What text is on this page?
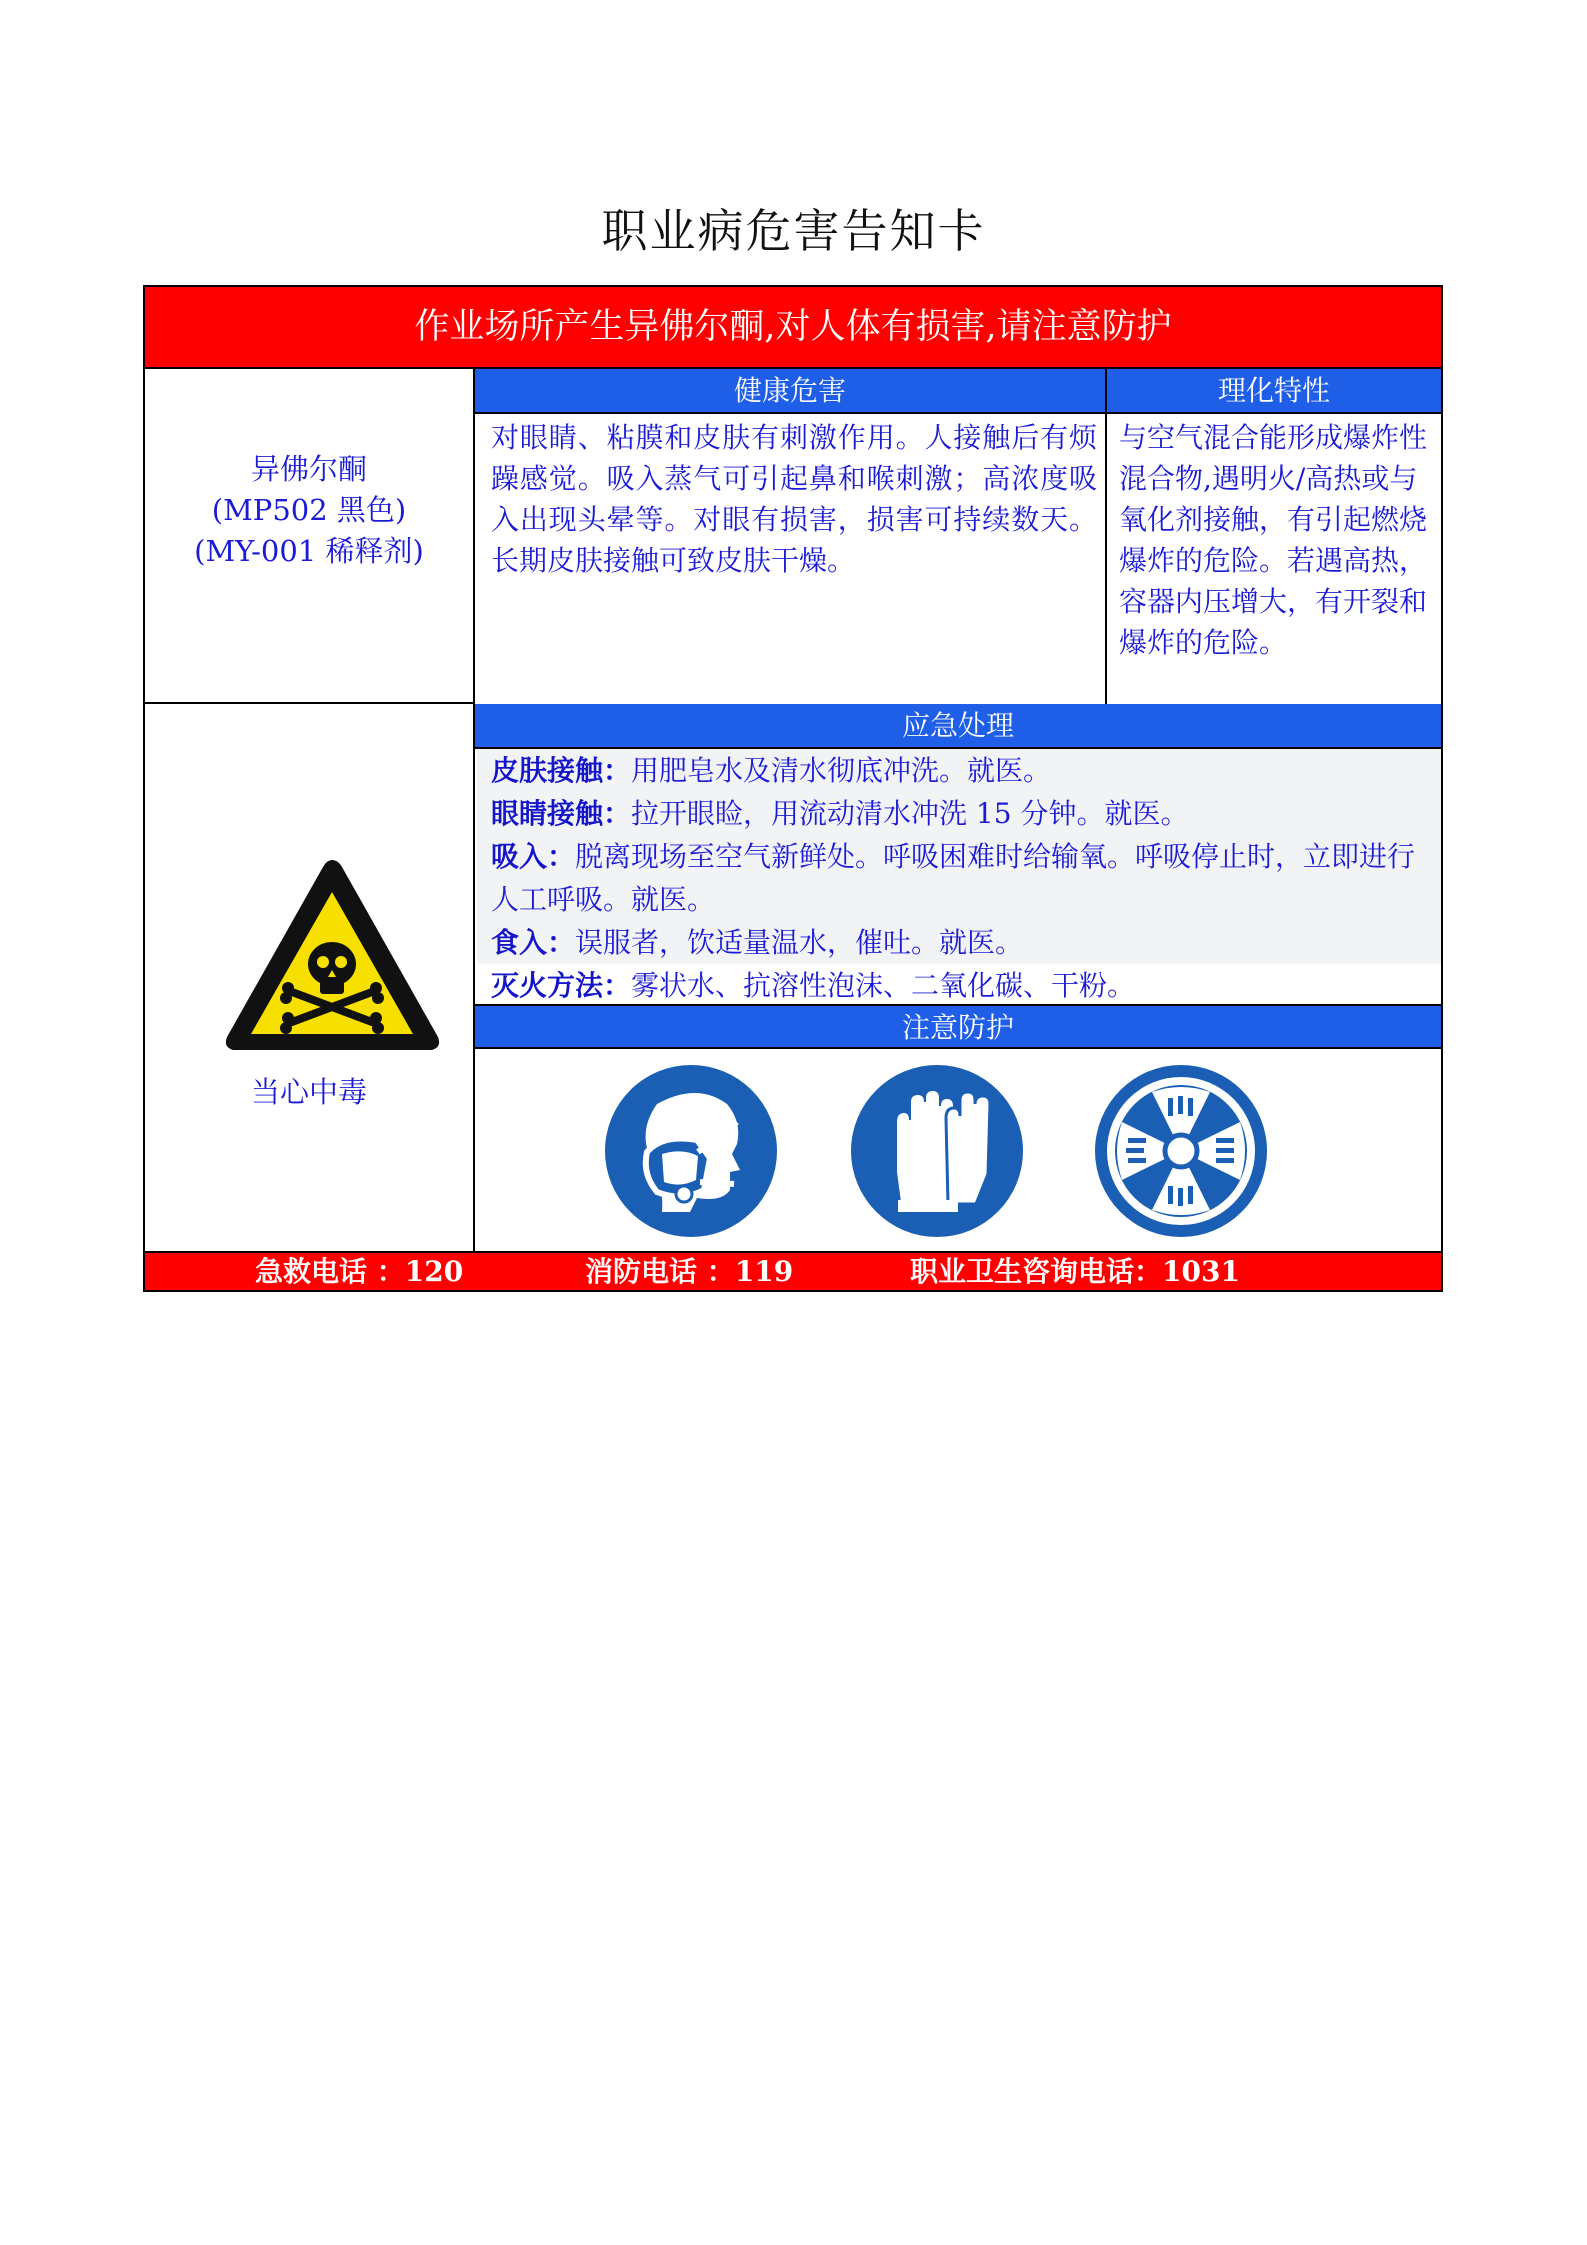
职业病危害告知卡
作业场所产生异佛尔酮,对人体有损害,请注意防护
异佛尔酮
(MP502 黑色)
(MY-001 稀释剂)
健康危害	理化特性
对眼睛、粘膜和皮肤有刺激作用。人接触后有烦躁感觉。吸入蒸气可引起鼻和喉刺激；高浓度吸入出现头晕等。对眼有损害，损害可持续数天。长期皮肤接触可致皮肤干燥。
与空气混合能形成爆炸性混合物,遇明火/高热或与氧化剂接触，有引起燃烧爆炸的危险。若遇高热，容器内压增大，有开裂和爆炸的危险。
当心中毒
应急处理
皮肤接触：用肥皂水及清水彻底冲洗。就医。
眼睛接触：拉开眼睑，用流动清水冲洗 15 分钟。就医。
吸入：脱离现场至空气新鲜处。呼吸困难时给输氧。呼吸停止时，立即进行人工呼吸。就医。
食入：误服者，饮适量温水，催吐。就医。
灭火方法：雾状水、抗溶性泡沫、二氧化碳、干粉。
注意防护
急救电话 ：120	消防电话 ：119	职业卫生咨询电话：1031
